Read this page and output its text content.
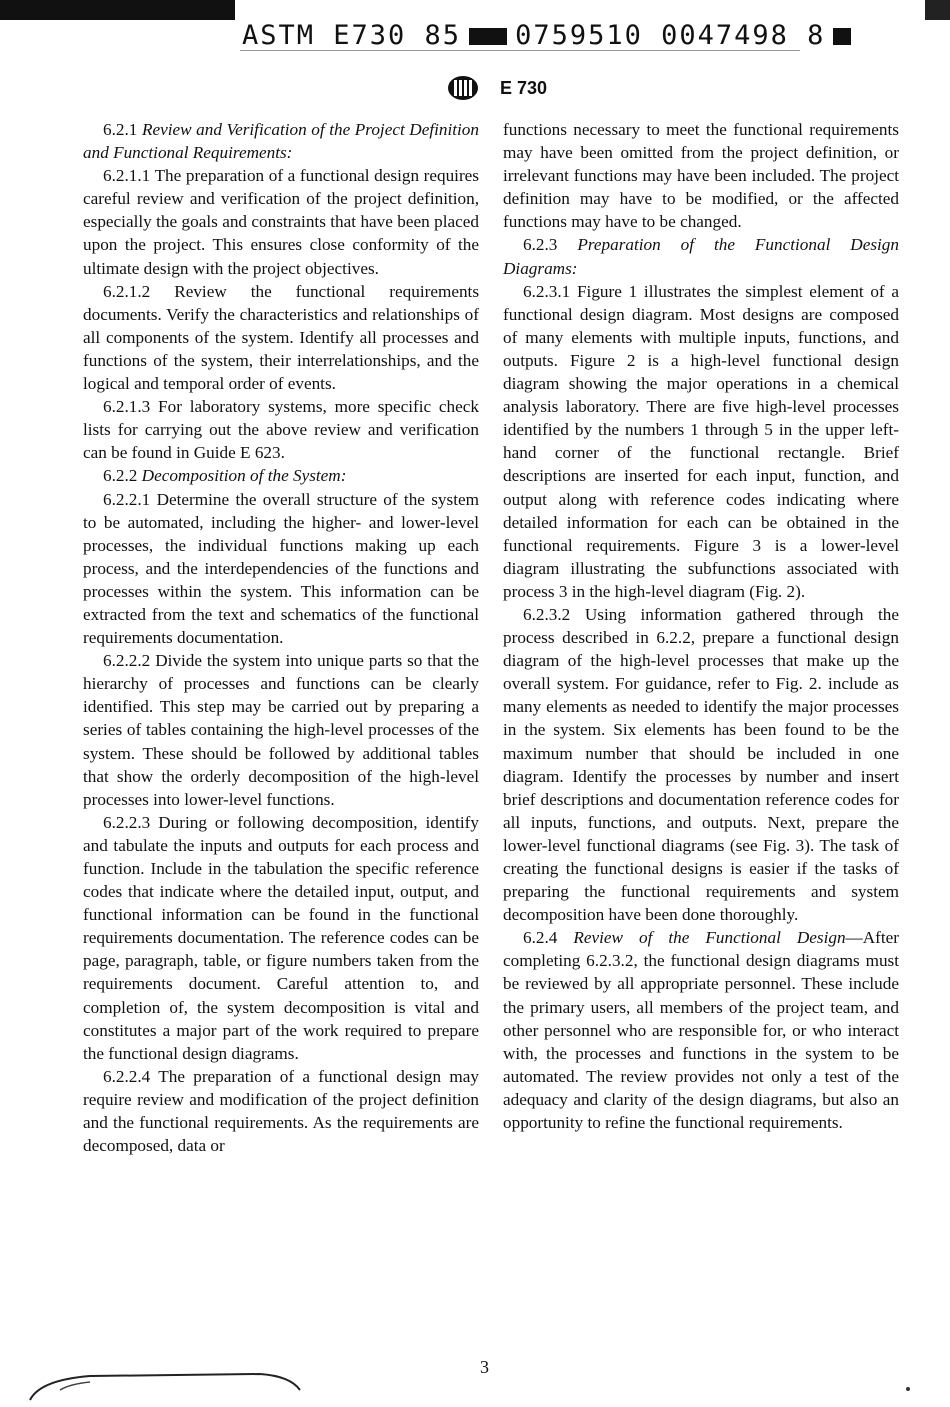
ASTM E730 85 0759510 0047498 8
E 730

6.2.1 Review and Verification of the Project Definition and Functional Requirements:

6.2.1.1 The preparation of a functional design requires careful review and verification of the project definition, especially the goals and constraints that have been placed upon the project. This ensures close conformity of the ultimate design with the project objectives.

6.2.1.2 Review the functional requirements documents. Verify the characteristics and relationships of all components of the system. Identify all processes and functions of the system, their interrelationships, and the logical and temporal order of events.

6.2.1.3 For laboratory systems, more specific check lists for carrying out the above review and verification can be found in Guide E 623.

6.2.2 Decomposition of the System:

6.2.2.1 Determine the overall structure of the system to be automated, including the higher- and lower-level processes, the individual functions making up each process, and the interdependencies of the functions and processes within the system. This information can be extracted from the text and schematics of the functional requirements documentation.

6.2.2.2 Divide the system into unique parts so that the hierarchy of processes and functions can be clearly identified. This step may be carried out by preparing a series of tables containing the high-level processes of the system. These should be followed by additional tables that show the orderly decomposition of the high-level processes into lower-level functions.

6.2.2.3 During or following decomposition, identify and tabulate the inputs and outputs for each process and function. Include in the tabulation the specific reference codes that indicate where the detailed input, output, and functional information can be found in the functional requirements documentation. The reference codes can be page, paragraph, table, or figure numbers taken from the requirements document. Careful attention to, and completion of, the system decomposition is vital and constitutes a major part of the work required to prepare the functional design diagrams.

6.2.2.4 The preparation of a functional design may require review and modification of the project definition and the functional requirements. As the requirements are decomposed, data or

functions necessary to meet the functional requirements may have been omitted from the project definition, or irrelevant functions may have been included. The project definition may have to be modified, or the affected functions may have to be changed.

6.2.3 Preparation of the Functional Design Diagrams:

6.2.3.1 Figure 1 illustrates the simplest element of a functional design diagram. Most designs are composed of many elements with multiple inputs, functions, and outputs. Figure 2 is a high-level functional design diagram showing the major operations in a chemical analysis laboratory. There are five high-level processes identified by the numbers 1 through 5 in the upper left-hand corner of the functional rectangle. Brief descriptions are inserted for each input, function, and output along with reference codes indicating where detailed information for each can be obtained in the functional requirements. Figure 3 is a lower-level diagram illustrating the subfunctions associated with process 3 in the high-level diagram (Fig. 2).

6.2.3.2 Using information gathered through the process described in 6.2.2, prepare a functional design diagram of the high-level processes that make up the overall system. For guidance, refer to Fig. 2. include as many elements as needed to identify the major processes in the system. Six elements has been found to be the maximum number that should be included in one diagram. Identify the processes by number and insert brief descriptions and documentation reference codes for all inputs, functions, and outputs. Next, prepare the lower-level functional diagrams (see Fig. 3). The task of creating the functional designs is easier if the tasks of preparing the functional requirements and system decomposition have been done thoroughly.

6.2.4 Review of the Functional Design—After completing 6.2.3.2, the functional design diagrams must be reviewed by all appropriate personnel. These include the primary users, all members of the project team, and other personnel who are responsible for, or who interact with, the processes and functions in the system to be automated. The review provides not only a test of the adequacy and clarity of the design diagrams, but also an opportunity to refine the functional requirements.

3
